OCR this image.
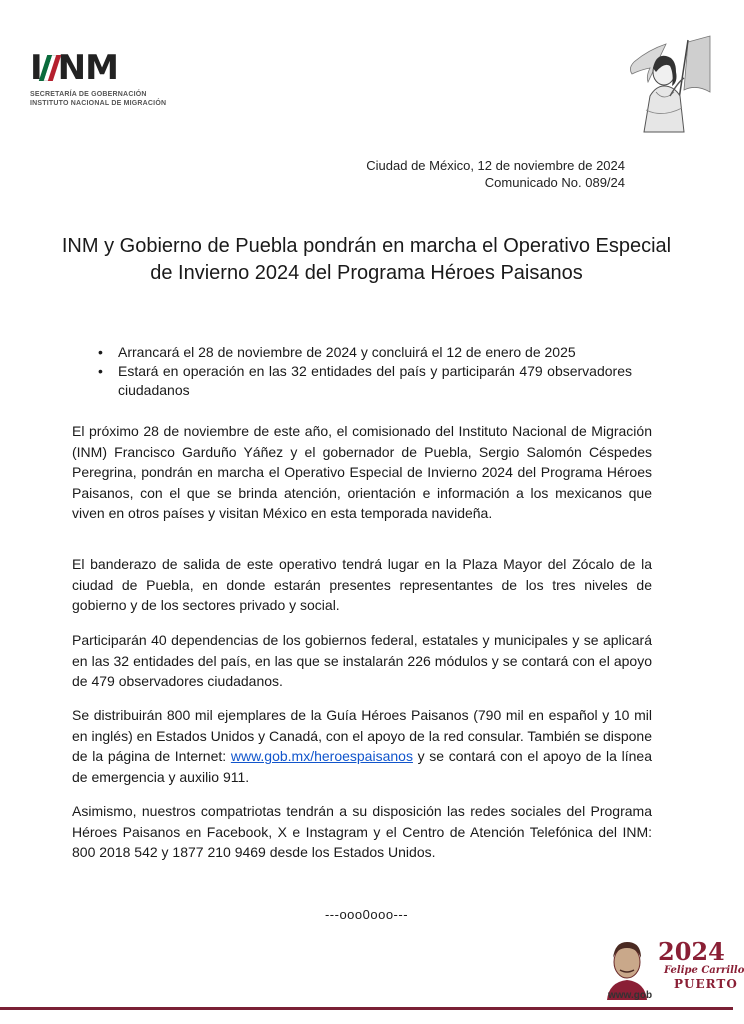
I N M
SECRETARÍA DE GOBERNACIÓN
INSTITUTO NACIONAL DE MIGRACIÓN
Ciudad de México, 12 de noviembre de 2024
Comunicado No. 089/24
INM y Gobierno de Puebla pondrán en marcha el Operativo Especial de Invierno 2024 del Programa Héroes Paisanos
• Arrancará el 28 de noviembre de 2024 y concluirá el 12 de enero de 2025
• Estará en operación en las 32 entidades del país y participarán 479 observadores ciudadanos

El próximo 28 de noviembre de este año, el comisionado del Instituto Nacional de Migración (INM) Francisco Garduño Yáñez y el gobernador de Puebla, Sergio Salomón Céspedes Peregrina, pondrán en marcha el Operativo Especial de Invierno 2024 del Programa Héroes Paisanos, con el que se brinda atención, orientación e información a los mexicanos que viven en otros países y visitan México en esta temporada navideña.

El banderazo de salida de este operativo tendrá lugar en la Plaza Mayor del Zócalo de la ciudad de Puebla, en donde estarán presentes representantes de los tres niveles de gobierno y de los sectores privado y social.

Participarán 40 dependencias de los gobiernos federal, estatales y municipales y se aplicará en las 32 entidades del país, en las que se instalarán 226 módulos y se contará con el apoyo de 479 observadores ciudadanos.

Se distribuirán 800 mil ejemplares de la Guía Héroes Paisanos (790 mil en español y 10 mil en inglés) en Estados Unidos y Canadá, con el apoyo de la red consular. También se dispone de la página de Internet: www.gob.mx/heroespaisanos y se contará con el apoyo de la línea de emergencia y auxilio 911.

Asimismo, nuestros compatriotas tendrán a su disposición las redes sociales del Programa Héroes Paisanos en Facebook, X e Instagram y el Centro de Atención Telefónica del INM: 800 2018 542 y 1877 210 9469 desde los Estados Unidos.

---ooo0ooo---
2024
Felipe Carrillo
PUERTO
www.gob
